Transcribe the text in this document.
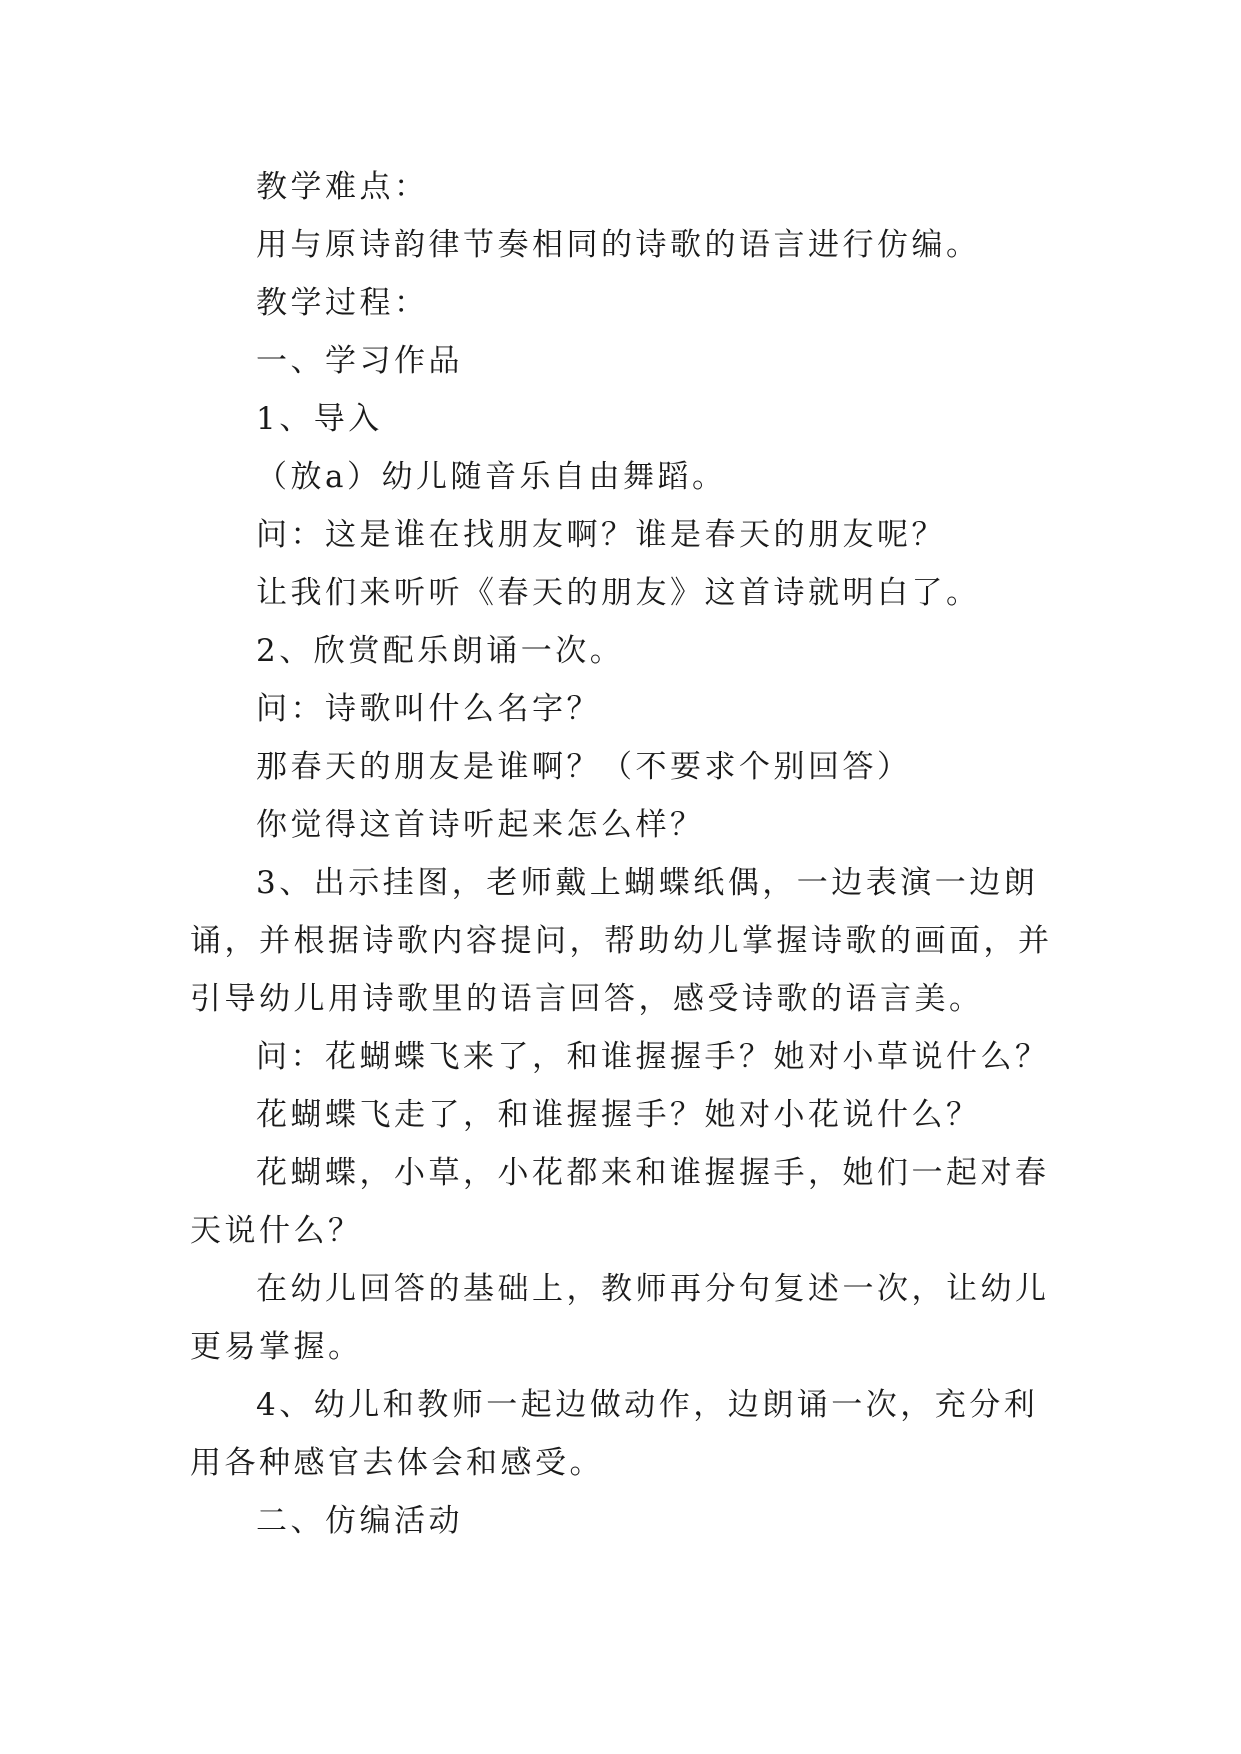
教学难点：

用与原诗韵律节奏相同的诗歌的语言进行仿编。

教学过程：

一、学习作品

1、导入

（放a）幼儿随音乐自由舞蹈。

问：这是谁在找朋友啊？谁是春天的朋友呢？

让我们来听听《春天的朋友》这首诗就明白了。

2、欣赏配乐朗诵一次。

问：诗歌叫什么名字？

那春天的朋友是谁啊？（不要求个别回答）

你觉得这首诗听起来怎么样？

3、出示挂图，老师戴上蝴蝶纸偶，一边表演一边朗诵，并根据诗歌内容提问，帮助幼儿掌握诗歌的画面，并引导幼儿用诗歌里的语言回答，感受诗歌的语言美。

问：花蝴蝶飞来了，和谁握握手？她对小草说什么？

花蝴蝶飞走了，和谁握握手？她对小花说什么？

花蝴蝶，小草，小花都来和谁握握手，她们一起对春天说什么？

在幼儿回答的基础上，教师再分句复述一次，让幼儿更易掌握。

4、幼儿和教师一起边做动作，边朗诵一次，充分利用各种感官去体会和感受。

二、仿编活动
